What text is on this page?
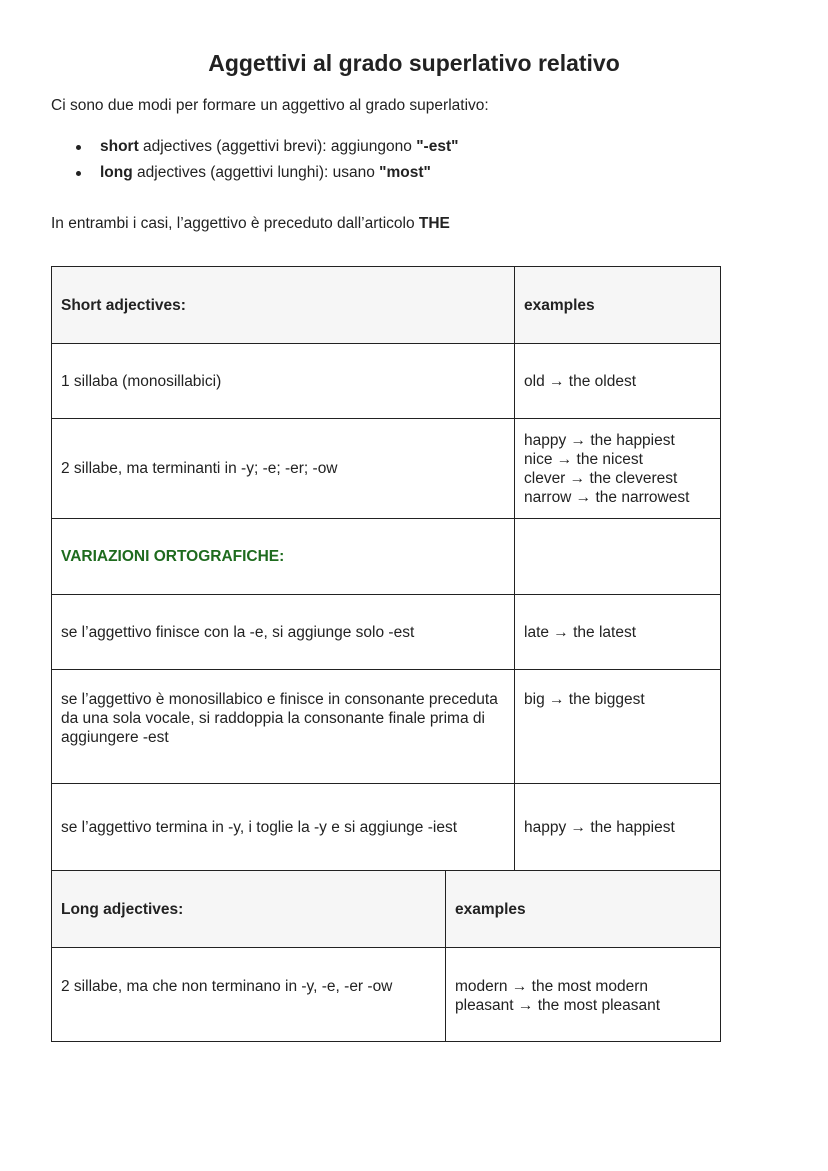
Aggettivi al grado superlativo relativo

Ci sono due modi per formare un aggettivo al grado superlativo:

short adjectives (aggettivi brevi): aggiungono "-est"
long adjectives (aggettivi lunghi): usano "most"

In entrambi i casi, l’aggettivo è preceduto dall’articolo THE

Short adjectives:	examples
1 sillaba (monosillabici)	old → the oldest

2 sillabe, ma terminanti in -y; -e; -er; -ow	happy → the happiest
nice → the nicest
clever → the cleverest
narrow → the narrowest

VARIAZIONI ORTOGRAFICHE:	
se l’aggettivo finisce con la -e, si aggiunge solo -est	late → the latest

se l’aggettivo è monosillabico e finisce in consonante preceduta da una sola vocale, si raddoppia la consonante finale prima di aggiungere -est	big → the biggest

se l’aggettivo termina in -y, i toglie la -y e si aggiunge -iest	happy → the happiest
Long adjectives:	examples
2 sillabe, ma che non terminano in -y, -e, -er -ow	modern → the most modern
pleasant → the most pleasant
